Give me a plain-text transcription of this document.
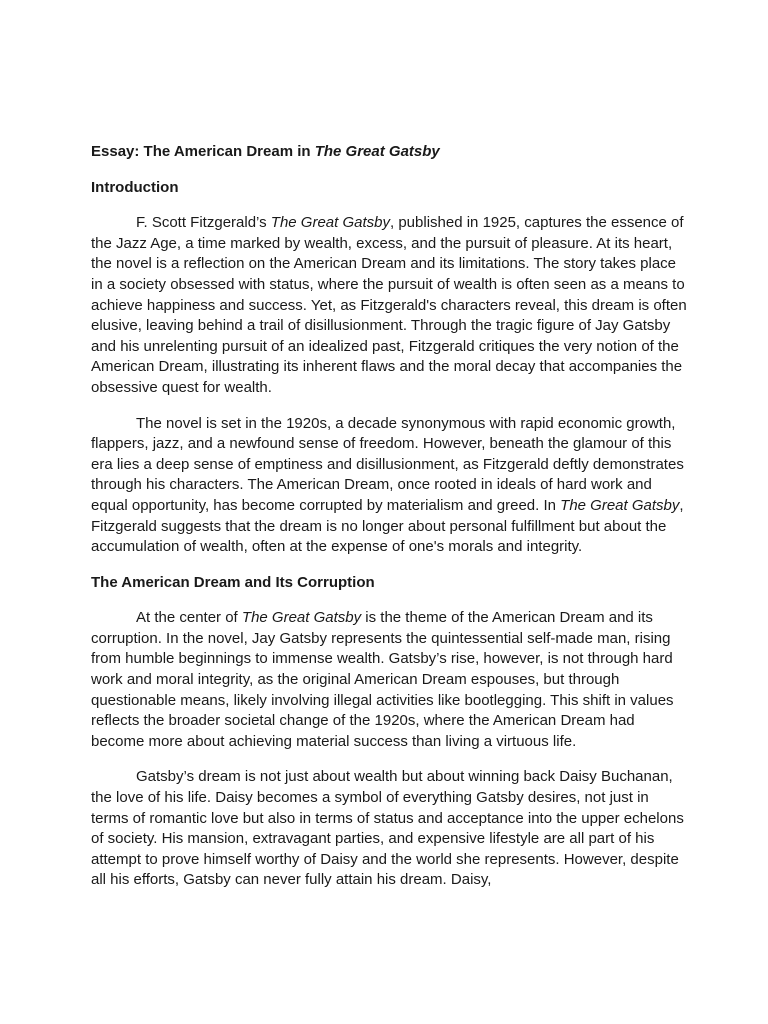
Essay: The American Dream in The Great Gatsby
Introduction

F. Scott Fitzgerald’s The Great Gatsby, published in 1925, captures the essence of the Jazz Age, a time marked by wealth, excess, and the pursuit of pleasure. At its heart, the novel is a reflection on the American Dream and its limitations. The story takes place in a society obsessed with status, where the pursuit of wealth is often seen as a means to achieve happiness and success. Yet, as Fitzgerald's characters reveal, this dream is often elusive, leaving behind a trail of disillusionment. Through the tragic figure of Jay Gatsby and his unrelenting pursuit of an idealized past, Fitzgerald critiques the very notion of the American Dream, illustrating its inherent flaws and the moral decay that accompanies the obsessive quest for wealth.

The novel is set in the 1920s, a decade synonymous with rapid economic growth, flappers, jazz, and a newfound sense of freedom. However, beneath the glamour of this era lies a deep sense of emptiness and disillusionment, as Fitzgerald deftly demonstrates through his characters. The American Dream, once rooted in ideals of hard work and equal opportunity, has become corrupted by materialism and greed. In The Great Gatsby, Fitzgerald suggests that the dream is no longer about personal fulfillment but about the accumulation of wealth, often at the expense of one's morals and integrity.

The American Dream and Its Corruption

At the center of The Great Gatsby is the theme of the American Dream and its corruption. In the novel, Jay Gatsby represents the quintessential self-made man, rising from humble beginnings to immense wealth. Gatsby’s rise, however, is not through hard work and moral integrity, as the original American Dream espouses, but through questionable means, likely involving illegal activities like bootlegging. This shift in values reflects the broader societal change of the 1920s, where the American Dream had become more about achieving material success than living a virtuous life.

Gatsby’s dream is not just about wealth but about winning back Daisy Buchanan, the love of his life. Daisy becomes a symbol of everything Gatsby desires, not just in terms of romantic love but also in terms of status and acceptance into the upper echelons of society. His mansion, extravagant parties, and expensive lifestyle are all part of his attempt to prove himself worthy of Daisy and the world she represents. However, despite all his efforts, Gatsby can never fully attain his dream. Daisy,
